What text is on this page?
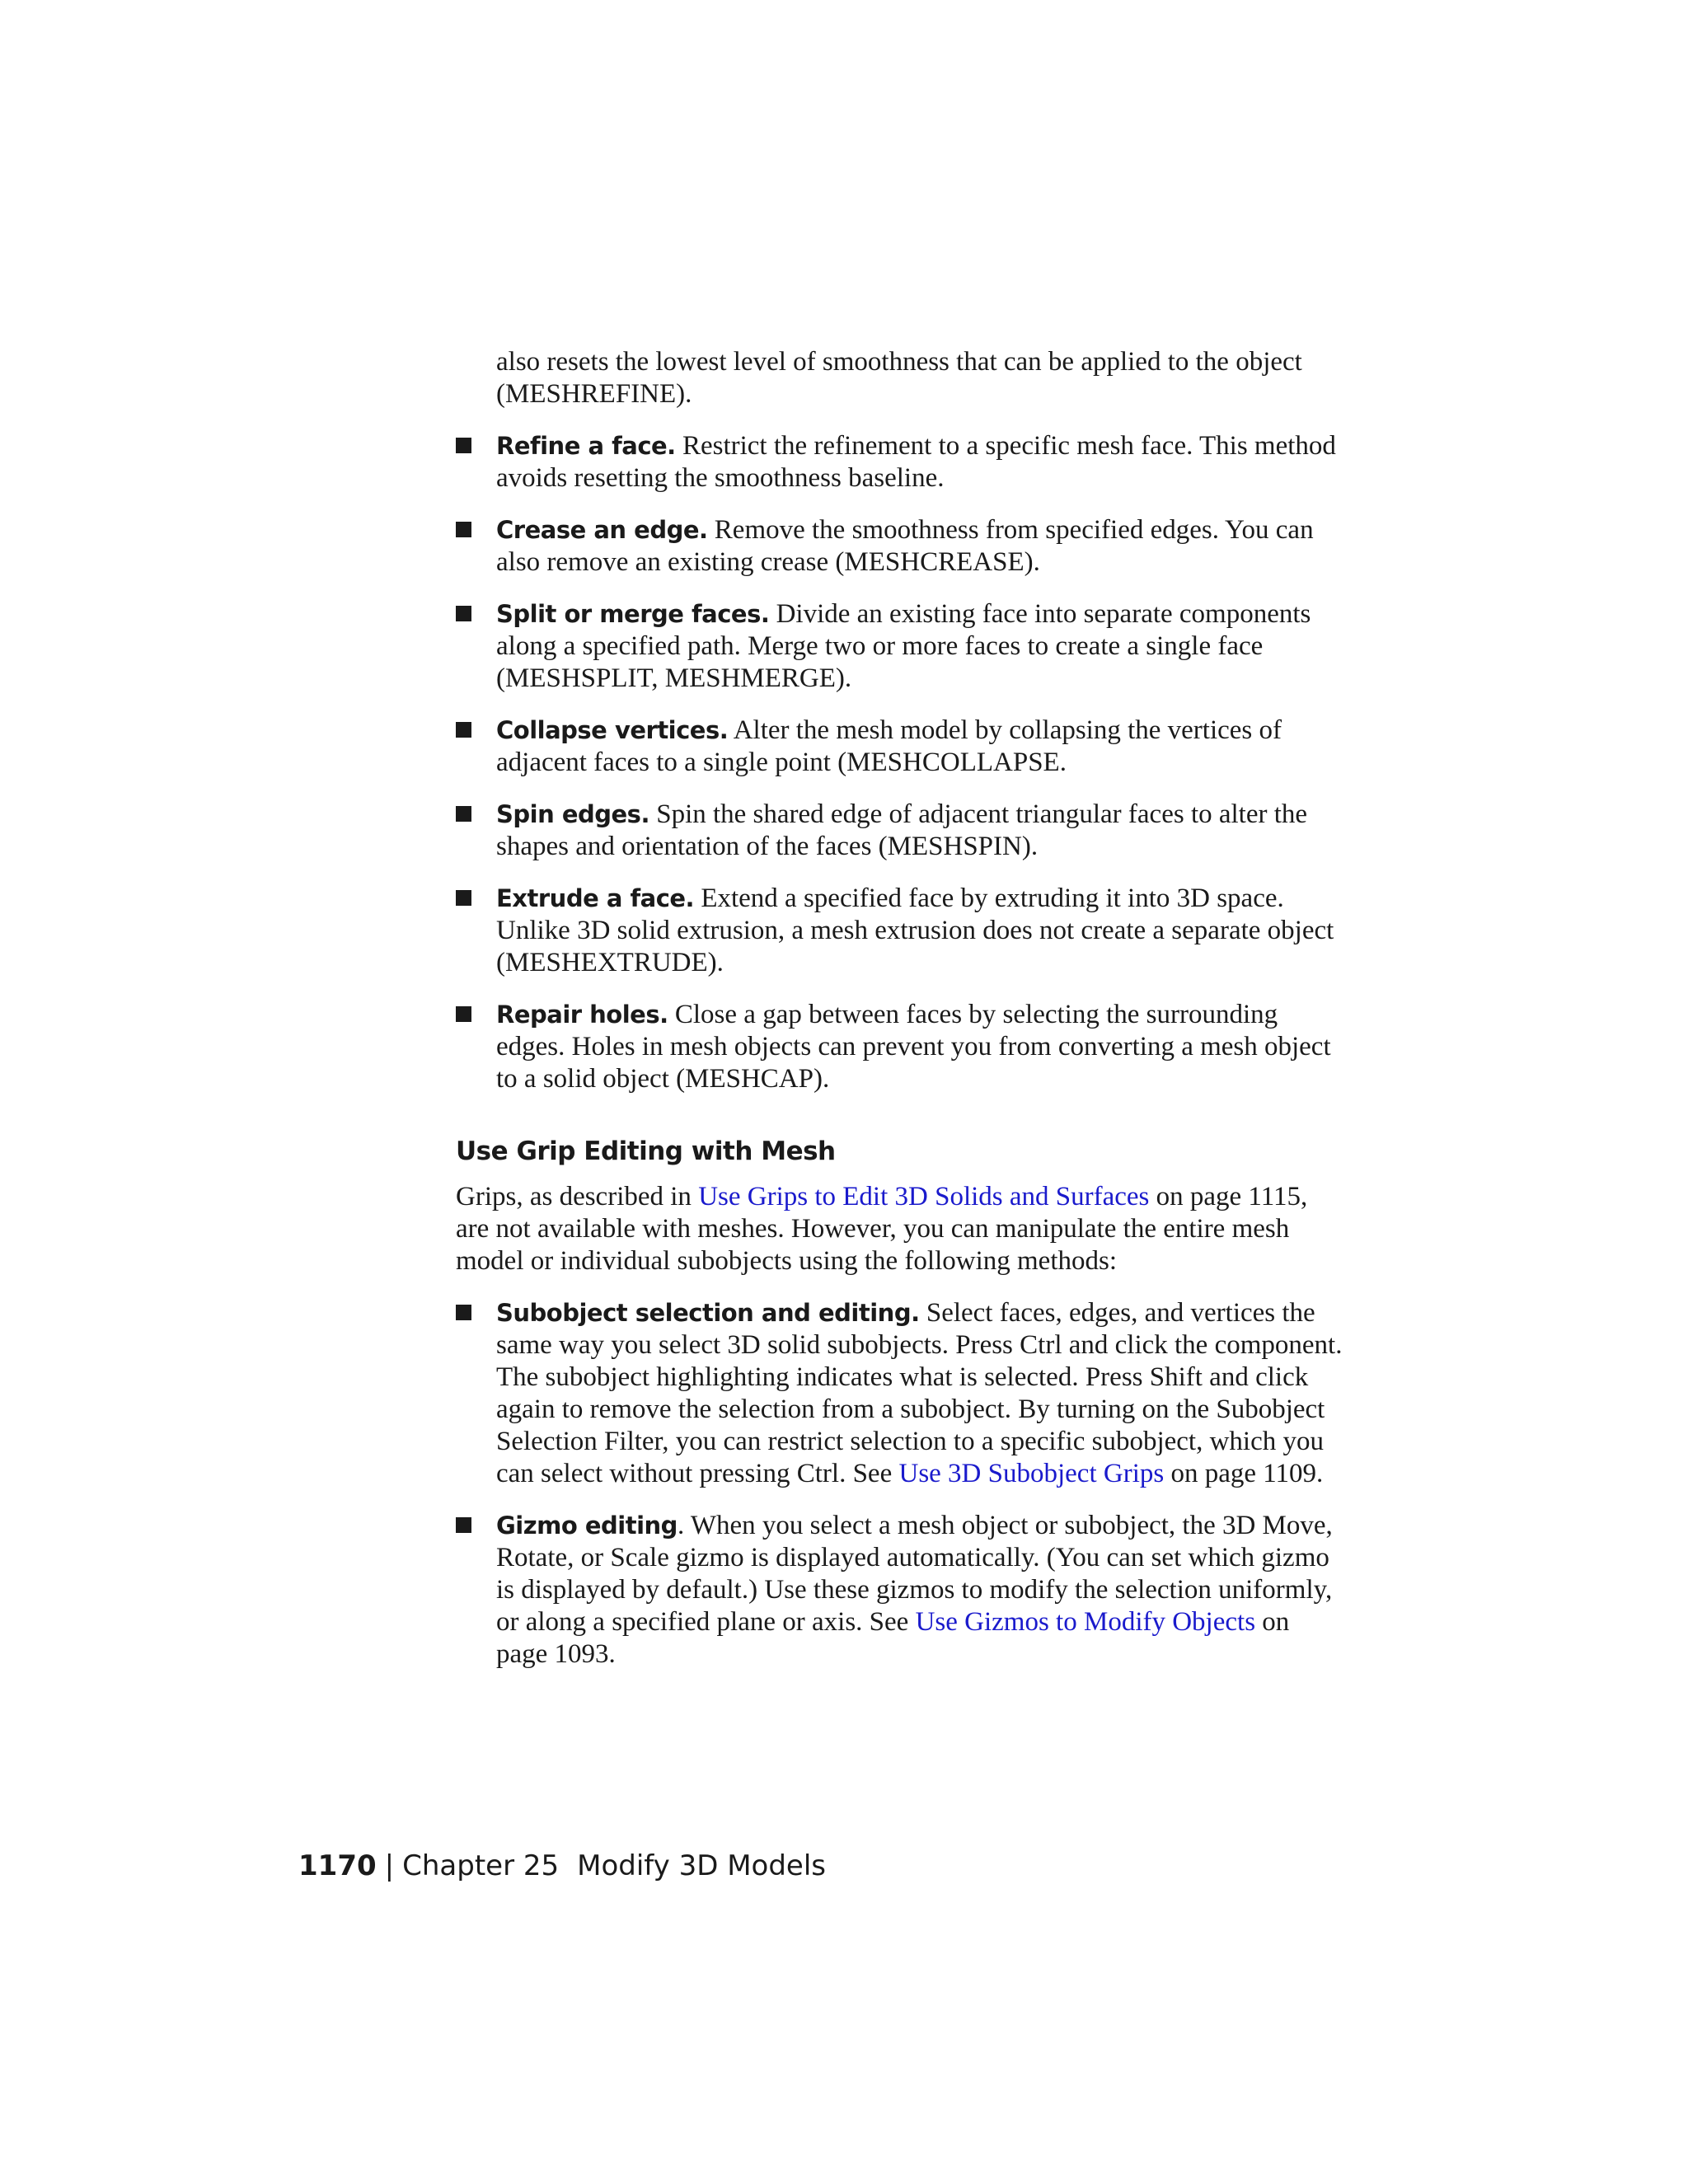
also resets the lowest level of smoothness that can be applied to the object (MESHREFINE).

Refine a face. Restrict the refinement to a specific mesh face. This method avoids resetting the smoothness baseline.
Crease an edge. Remove the smoothness from specified edges. You can also remove an existing crease (MESHCREASE).
Split or merge faces. Divide an existing face into separate components along a specified path. Merge two or more faces to create a single face (MESHSPLIT, MESHMERGE).
Collapse vertices. Alter the mesh model by collapsing the vertices of adjacent faces to a single point (MESHCOLLAPSE.
Spin edges. Spin the shared edge of adjacent triangular faces to alter the shapes and orientation of the faces (MESHSPIN).
Extrude a face. Extend a specified face by extruding it into 3D space. Unlike 3D solid extrusion, a mesh extrusion does not create a separate object (MESHEXTRUDE).
Repair holes. Close a gap between faces by selecting the surrounding edges. Holes in mesh objects can prevent you from converting a mesh object to a solid object (MESHCAP).
Use Grip Editing with Mesh

Grips, as described in Use Grips to Edit 3D Solids and Surfaces on page 1115, are not available with meshes. However, you can manipulate the entire mesh model or individual subobjects using the following methods:

Subobject selection and editing. Select faces, edges, and vertices the same way you select 3D solid subobjects. Press Ctrl and click the component. The subobject highlighting indicates what is selected. Press Shift and click again to remove the selection from a subobject. By turning on the Subobject Selection Filter, you can restrict selection to a specific subobject, which you can select without pressing Ctrl. See Use 3D Subobject Grips on page 1109.
Gizmo editing. When you select a mesh object or subobject, the 3D Move, Rotate, or Scale gizmo is displayed automatically. (You can set which gizmo is displayed by default.) Use these gizmos to modify the selection uniformly, or along a specified plane or axis. See Use Gizmos to Modify Objects on page 1093.
1170 | Chapter 25 Modify 3D Models
